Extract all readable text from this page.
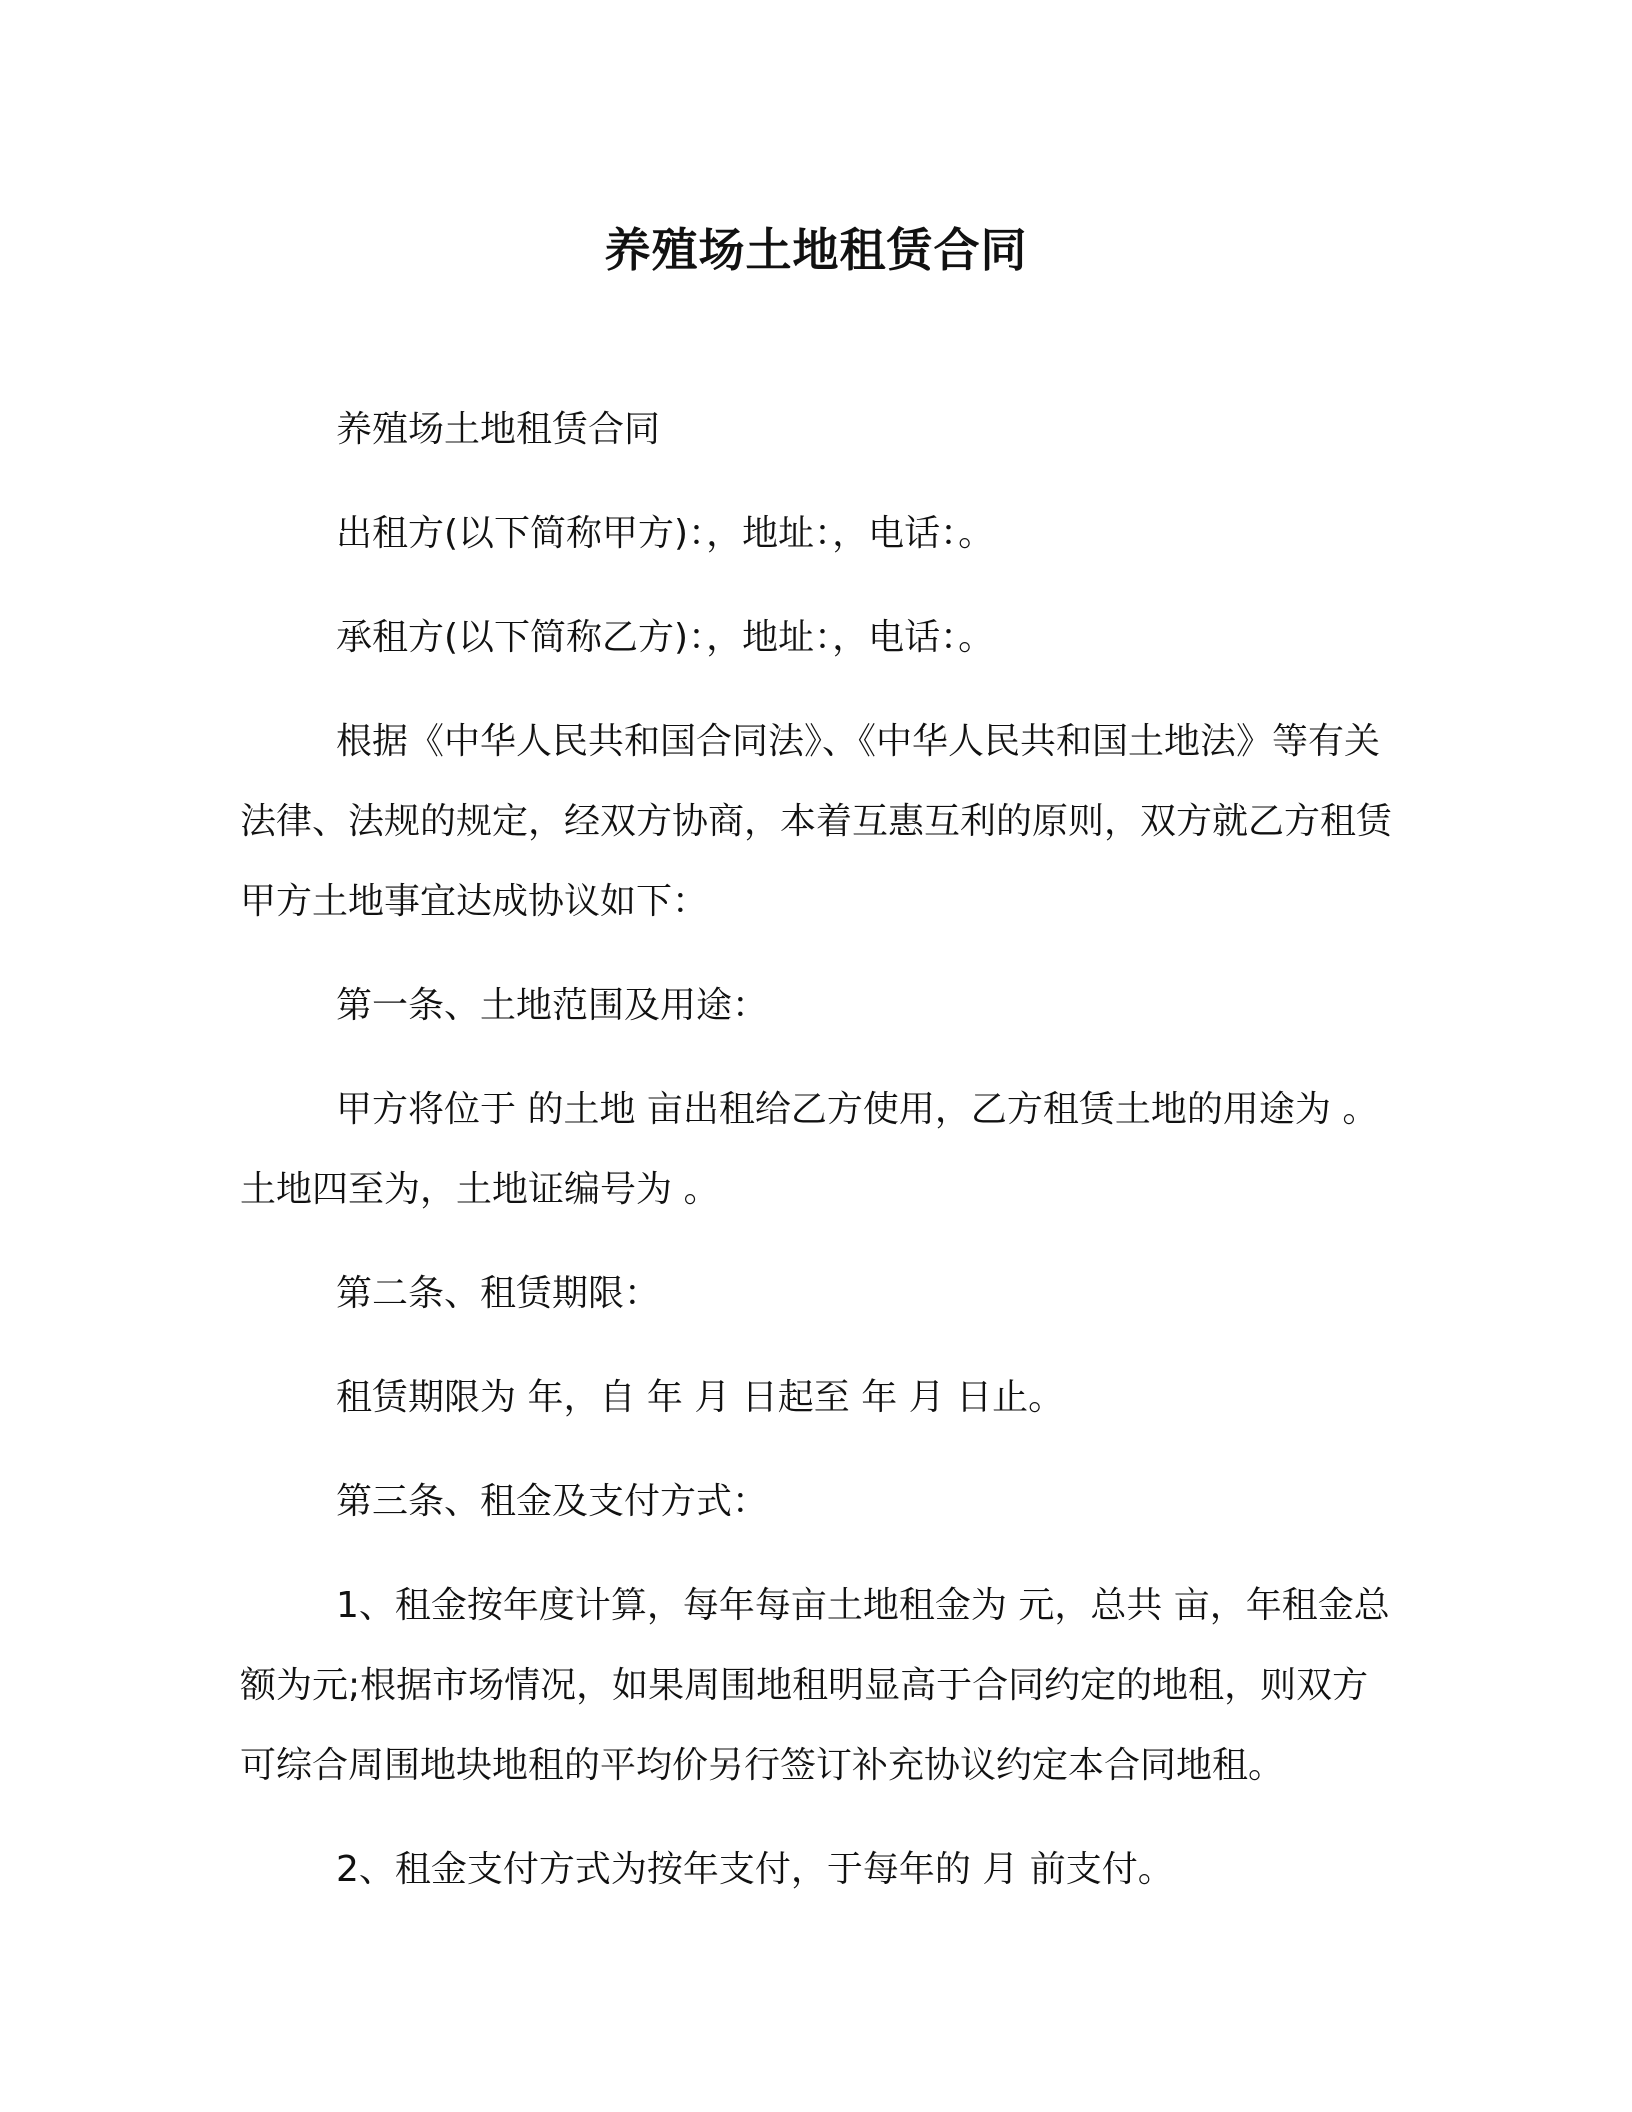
养殖场土地租赁合同

养殖场土地租赁合同

出租方(以下简称甲方)：，地址：，电话：。

承租方(以下简称乙方)：，地址：，电话：。

根据《中华人民共和国合同法》、《中华人民共和国土地法》等有关法律、法规的规定，经双方协商，本着互惠互利的原则，双方就乙方租赁甲方土地事宜达成协议如下：

第一条、土地范围及用途：

甲方将位于 的土地 亩出租给乙方使用，乙方租赁土地的用途为 。土地四至为，土地证编号为 。

第二条、租赁期限：

租赁期限为 年，自 年 月 日起至 年 月 日止。

第三条、租金及支付方式：

1、租金按年度计算，每年每亩土地租金为 元，总共 亩，年租金总额为元;根据市场情况，如果周围地租明显高于合同约定的地租，则双方可综合周围地块地租的平均价另行签订补充协议约定本合同地租。

2、租金支付方式为按年支付，于每年的 月 前支付。
